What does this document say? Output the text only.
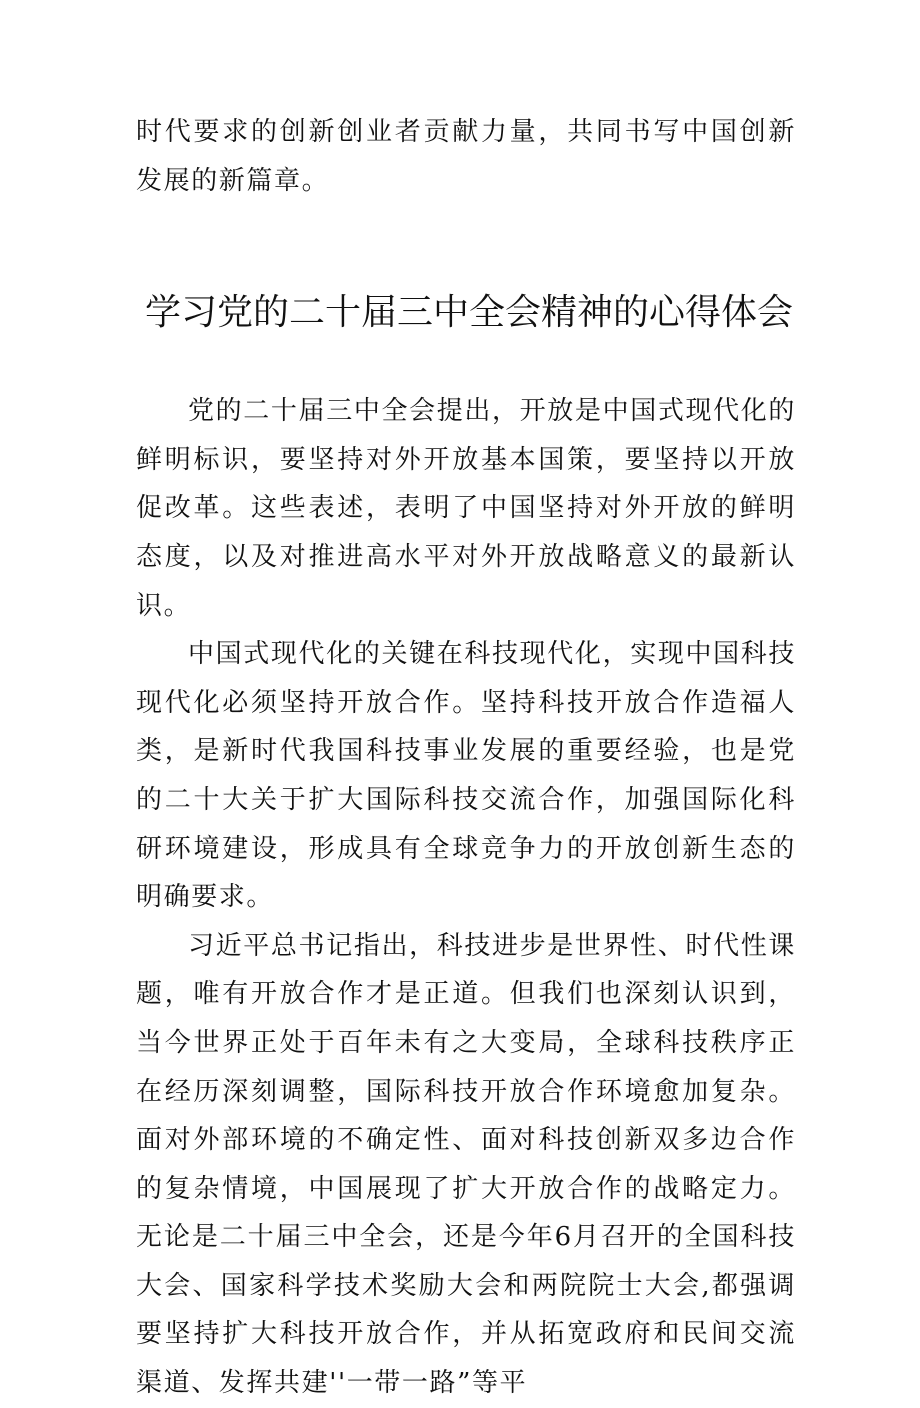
时代要求的创新创业者贡献力量，共同书写中国创新发展的新篇章。

学习党的二十届三中全会精神的心得体会

党的二十届三中全会提出，开放是中国式现代化的鲜明标识，要坚持对外开放基本国策，要坚持以开放促改革。这些表述，表明了中国坚持对外开放的鲜明态度，以及对推进高水平对外开放战略意义的最新认识。

中国式现代化的关键在科技现代化，实现中国科技现代化必须坚持开放合作。坚持科技开放合作造福人类，是新时代我国科技事业发展的重要经验，也是党的二十大关于扩大国际科技交流合作，加强国际化科研环境建设，形成具有全球竞争力的开放创新生态的明确要求。

习近平总书记指出，科技进步是世界性、时代性课题，唯有开放合作才是正道。但我们也深刻认识到，当今世界正处于百年未有之大变局，全球科技秩序正在经历深刻调整，国际科技开放合作环境愈加复杂。面对外部环境的不确定性、面对科技创新双多边合作的复杂情境，中国展现了扩大开放合作的战略定力。无论是二十届三中全会，还是今年6月召开的全国科技大会、国家科学技术奖励大会和两院院士大会,都强调要坚持扩大科技开放合作，并从拓宽政府和民间交流渠道、发挥共建''一带一路”等平
